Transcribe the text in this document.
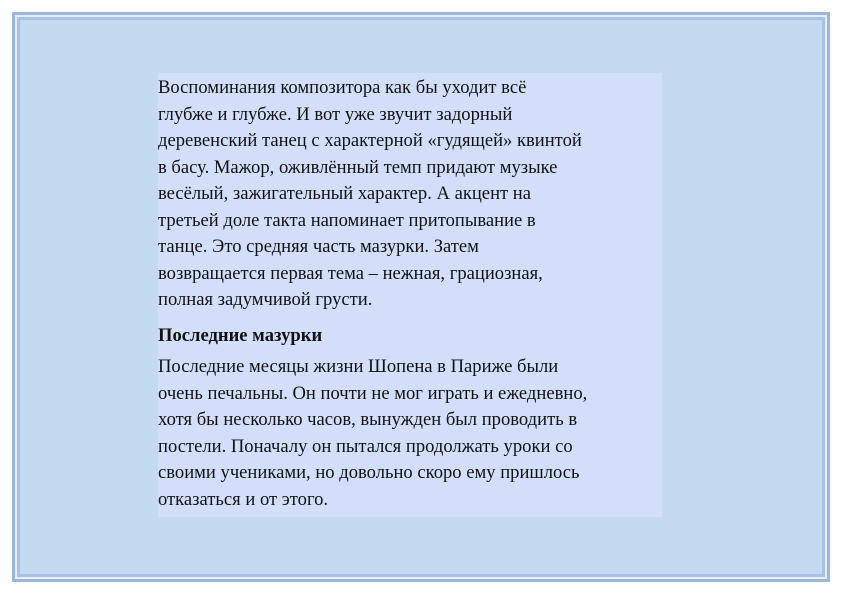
Воспоминания композитора как бы уходит всё
глубже и глубже. И вот уже звучит задорный
деревенский танец с характерной «гудящей» квинтой
в басу. Мажор, оживлённый темп придают музыке
весёлый, зажигательный характер. А акцент на
третьей доле такта напоминает притопывание в
танце. Это средняя часть мазурки. Затем
возвращается первая тема – нежная, грациозная,
полная задумчивой грусти.

Последние мазурки

Последние месяцы жизни Шопена в Париже были
очень печальны. Он почти не мог играть и ежедневно,
хотя бы несколько часов, вынужден был проводить в
постели. Поначалу он пытался продолжать уроки со
своими учениками, но довольно скоро ему пришлось
отказаться и от этого.
